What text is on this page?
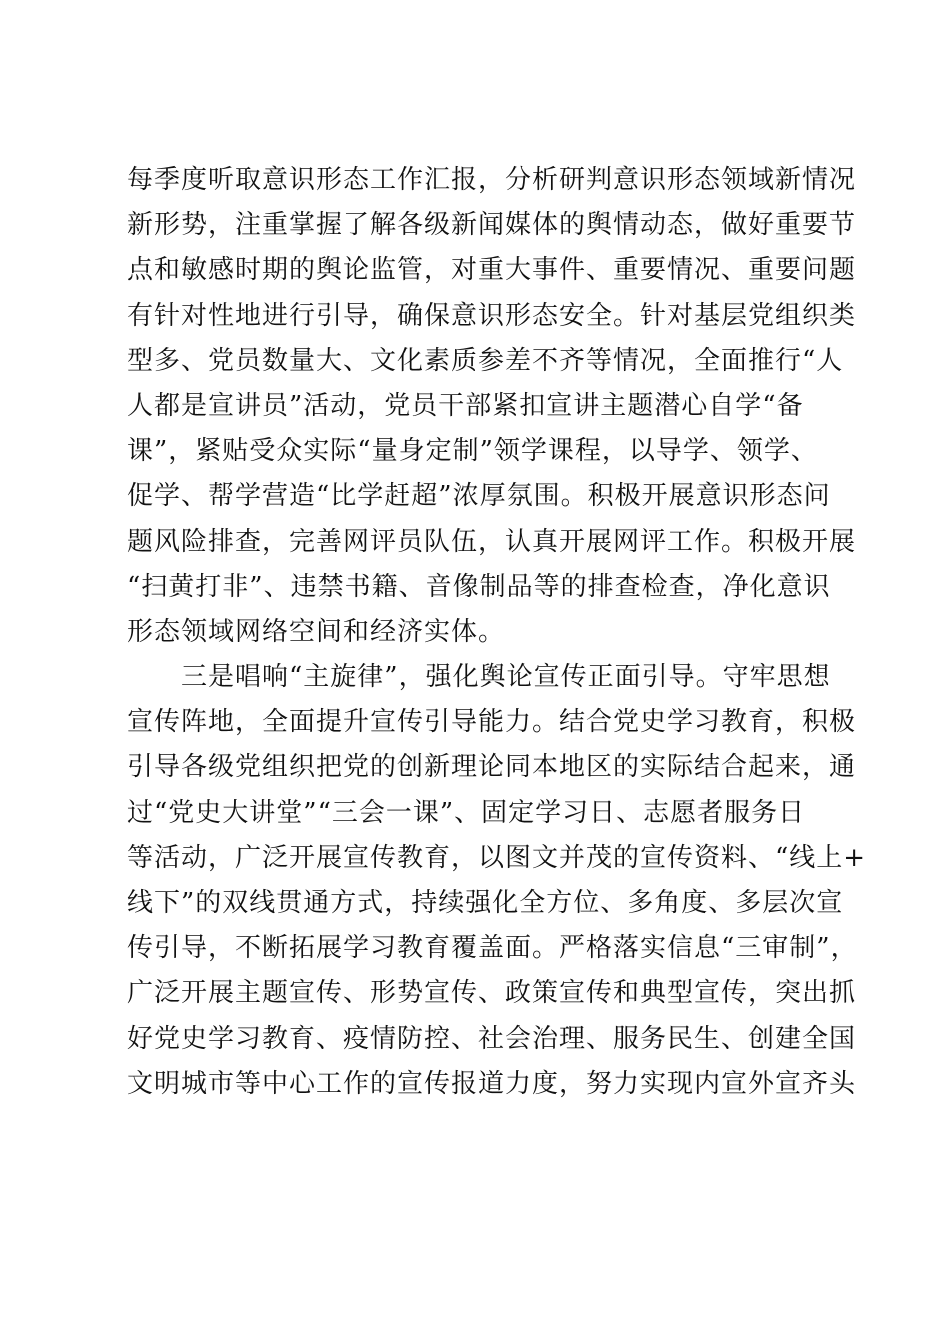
每季度听取意识形态工作汇报，分析研判意识形态领域新情况
新形势，注重掌握了解各级新闻媒体的舆情动态，做好重要节
点和敏感时期的舆论监管，对重大事件、重要情况、重要问题
有针对性地进行引导，确保意识形态安全。针对基层党组织类
型多、党员数量大、文化素质参差不齐等情况，全面推行“人
人都是宣讲员”活动，党员干部紧扣宣讲主题潜心自学“备
课”，紧贴受众实际“量身定制”领学课程，以导学、领学、
促学、帮学营造“比学赶超”浓厚氛围。积极开展意识形态问
题风险排查，完善网评员队伍，认真开展网评工作。积极开展
“扫黄打非”、违禁书籍、音像制品等的排查检查，净化意识
形态领域网络空间和经济实体。
　　三是唱响“主旋律”，强化舆论宣传正面引导。守牢思想
宣传阵地，全面提升宣传引导能力。结合党史学习教育，积极
引导各级党组织把党的创新理论同本地区的实际结合起来，通
过“党史大讲堂”“三会一课”、固定学习日、志愿者服务日
等活动，广泛开展宣传教育，以图文并茂的宣传资料、“线上+
线下”的双线贯通方式，持续强化全方位、多角度、多层次宣
传引导，不断拓展学习教育覆盖面。严格落实信息“三审制”，
广泛开展主题宣传、形势宣传、政策宣传和典型宣传，突出抓
好党史学习教育、疫情防控、社会治理、服务民生、创建全国
文明城市等中心工作的宣传报道力度，努力实现内宣外宣齐头
